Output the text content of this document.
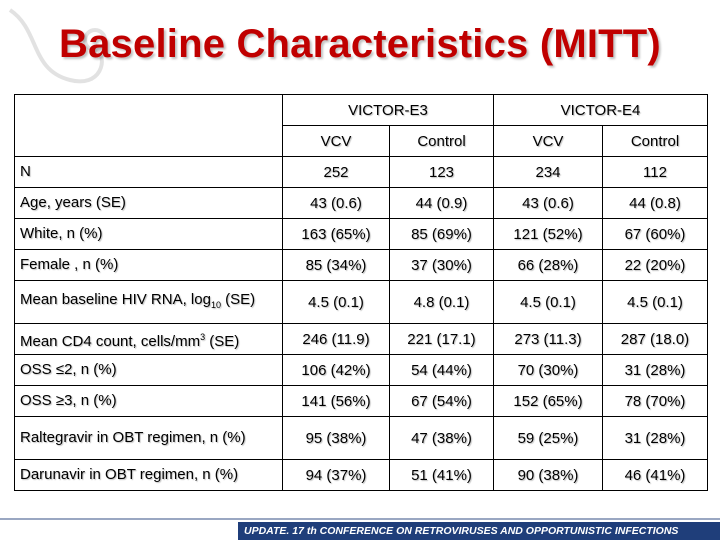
Baseline Characteristics (MITT)
	VICTOR-E3		VICTOR-E4	
	VCV	Control	VCV	Control
N	252	123	234	112
Age, years (SE)	43 (0.6)	44 (0.9)	43 (0.6)	44 (0.8)
White, n (%)	163 (65%)	85 (69%)	121 (52%)	67 (60%)
Female , n (%)	85 (34%)	37 (30%)	66 (28%)	22 (20%)
Mean baseline HIV RNA, $\log_{10} (SE)$	4.5 (0.1)	4.8 (0.1)	4.5 (0.1)	4.5 (0.1)
Mean CD4 count, cells/$mm^3$ (SE)	246 (11.9)	221 (17.1)	273 (11.3)	287 (18.0)
OSS ≤2, n (%)	106 (42%)	54 (44%)	70 (30%)	31 (28%)
OSS ≥3, n (%)	141 (56%)	67 (54%)	152 (65%)	78 (70%)
Raltegravir in OBT regimen, n (%)	95 (38%)	47 (38%)	59 (25%)	31 (28%)
Darunavir in OBT regimen, n (%)	94 (37%)	51 (41%)	90 (38%)	46 (41%)
UPDATE. 17 th CONFERENCE ON RETROVIRUSES AND OPPORTUNISTIC INFECTIONS
